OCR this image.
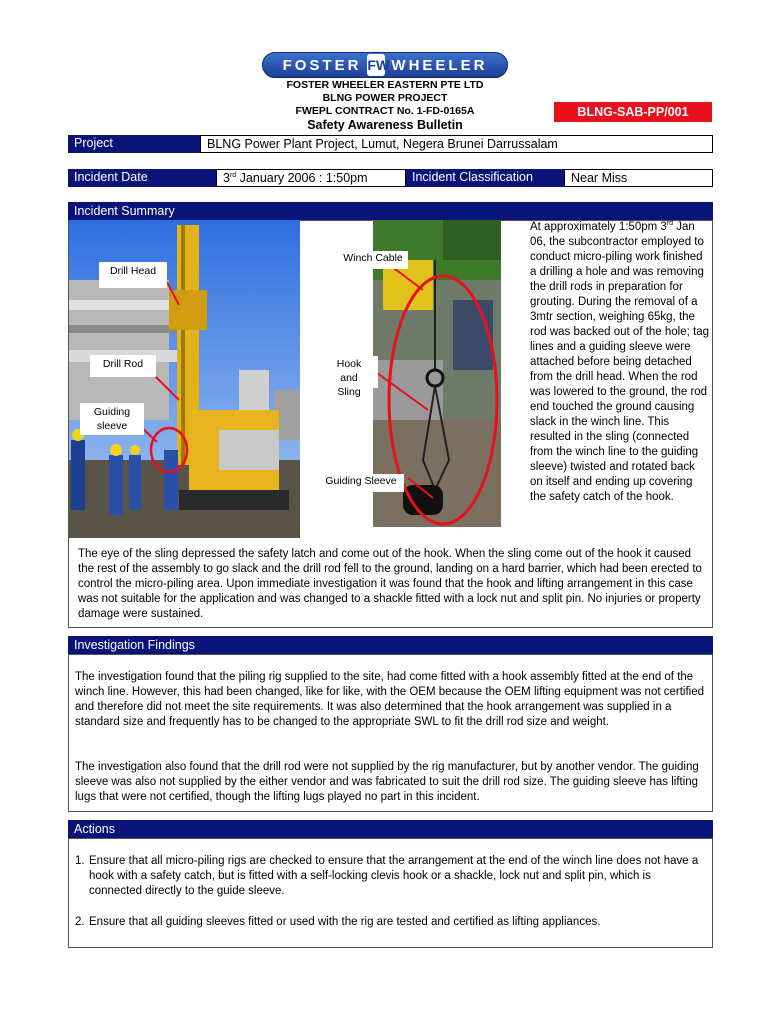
FOSTER FW WHEELER
FOSTER WHEELER EASTERN PTE LTD
BLNG POWER PROJECT
FWEPL CONTRACT No. 1-FD-0165A
Safety Awareness Bulletin
BLNG-SAB-PP/001
Project	BLNG Power Plant Project, Lumut, Negera Brunei Darrussalam
Incident Date	3rd January 2006 : 1:50pm	Incident Classification	Near Miss
Incident Summary
Drill Head
Drill Rod
Guiding sleeve
Winch Cable
Hook and Sling
Guiding Sleeve
At approximately 1:50pm 3rd Jan 06, the subcontractor employed to conduct micro-piling work finished a drilling a hole and was removing the drill rods in preparation for grouting. During the removal of a 3mtr section, weighing 65kg, the rod was backed out of the hole; tag lines and a guiding sleeve were attached before being detached from the drill head. When the rod was lowered to the ground, the rod end touched the ground causing slack in the winch line. This resulted in the sling (connected from the winch line to the guiding sleeve) twisted and rotated back on itself and ending up covering the safety catch of the hook.
The eye of the sling depressed the safety latch and come out of the hook. When the sling come out of the hook it caused the rest of the assembly to go slack and the drill rod fell to the ground, landing on a hard barrier, which had been erected to control the micro-piling area. Upon immediate investigation it was found that the hook and lifting arrangement in this case was not suitable for the application and was changed to a shackle fitted with a lock nut and split pin. No injuries or property damage were sustained.
Investigation Findings
The investigation found that the piling rig supplied to the site, had come fitted with a hook assembly fitted at the end of the winch line. However, this had been changed, like for like, with the OEM because the OEM lifting equipment was not certified and therefore did not meet the site requirements. It was also determined that the hook arrangement was supplied in a standard size and frequently has to be changed to the appropriate SWL to fit the drill rod size and weight.
The investigation also found that the drill rod were not supplied by the rig manufacturer, but by another vendor. The guiding sleeve was also not supplied by the either vendor and was fabricated to suit the drill rod size. The guiding sleeve has lifting lugs that were not certified, though the lifting lugs played no part in this incident.
Actions
1. Ensure that all micro-piling rigs are checked to ensure that the arrangement at the end of the winch line does not have a hook with a safety catch, but is fitted with a self-locking clevis hook or a shackle, lock nut and split pin, which is connected directly to the guide sleeve.
2. Ensure that all guiding sleeves fitted or used with the rig are tested and certified as lifting appliances.
